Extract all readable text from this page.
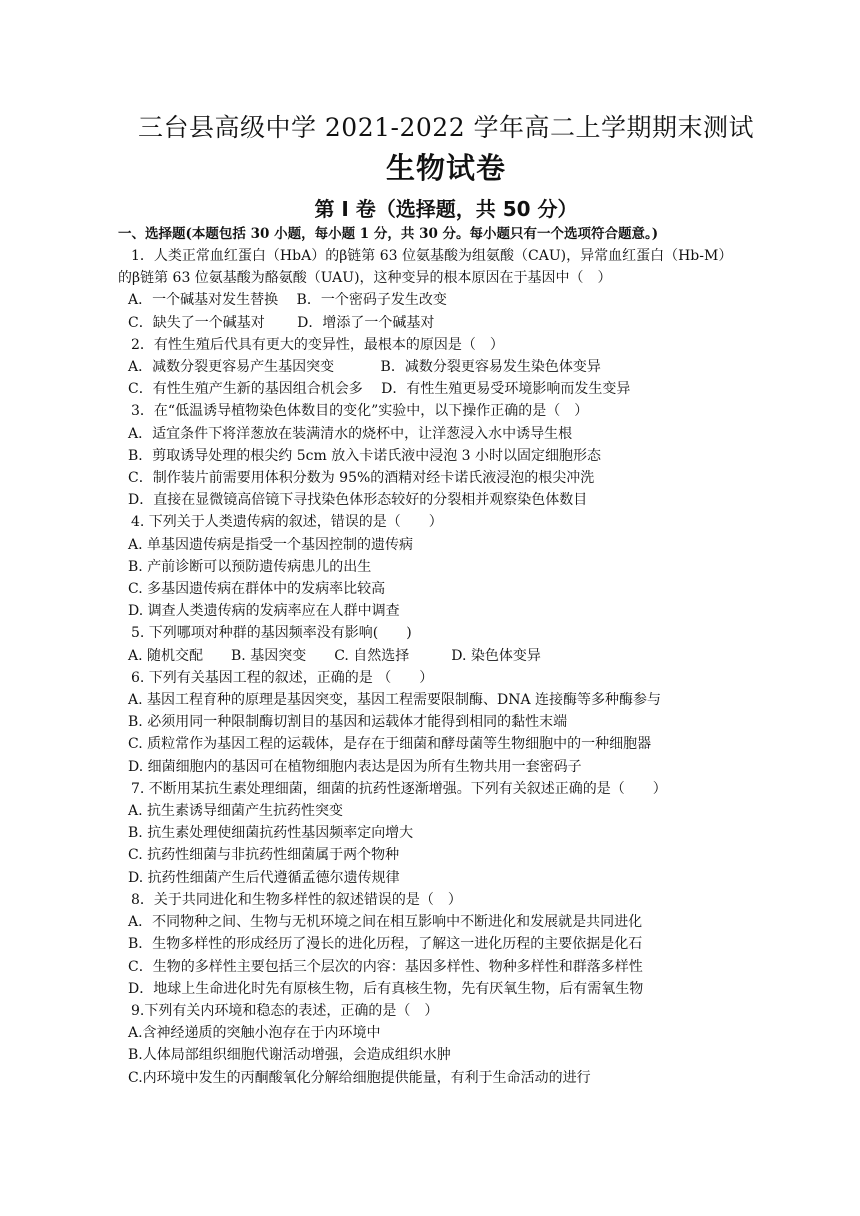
三台县高级中学 2021-2022 学年高二上学期期末测试
生物试卷
第 I 卷（选择题，共 50 分）
一、选择题(本题包括 30 小题，每小题 1 分，共 30 分。每小题只有一个选项符合题意。)
1．人类正常血红蛋白（HbA）的β链第 63 位氨基酸为组氨酸（CAU)，异常血红蛋白（Hb-M）
的β链第 63 位氨基酸为酪氨酸（UAU)，这种变异的根本原因在于基因中（　）
A．一个碱基对发生替换　 B．一个密码子发生改变
C．缺失了一个碱基对　　 D．增添了一个碱基对
2．有性生殖后代具有更大的变异性，最根本的原因是（　）
A．减数分裂更容易产生基因突变　　　 B．减数分裂更容易发生染色体变异
C．有性生殖产生新的基因组合机会多　 D．有性生殖更易受环境影响而发生变异
3．在“低温诱导植物染色体数目的变化”实验中，以下操作正确的是（　）
A．适宜条件下将洋葱放在装满清水的烧杯中，让洋葱浸入水中诱导生根
B．剪取诱导处理的根尖约 5cm 放入卡诺氏液中浸泡 3 小时以固定细胞形态
C．制作装片前需要用体积分数为 95%的酒精对经卡诺氏液浸泡的根尖冲洗
D．直接在显微镜高倍镜下寻找染色体形态较好的分裂相并观察染色体数目
4. 下列关于人类遗传病的叙述，错误的是（　　）
A. 单基因遗传病是指受一个基因控制的遗传病
B. 产前诊断可以预防遗传病患儿的出生
C. 多基因遗传病在群体中的发病率比较高
D. 调查人类遗传病的发病率应在人群中调查
5. 下列哪项对种群的基因频率没有影响(　　)
A. 随机交配　　B. 基因突变　　C. 自然选择　　　D. 染色体变异
6. 下列有关基因工程的叙述，正确的是 （　　）
A. 基因工程育种的原理是基因突变，基因工程需要限制酶、DNA 连接酶等多种酶参与
B. 必须用同一种限制酶切割目的基因和运载体才能得到相同的黏性末端
C. 质粒常作为基因工程的运载体，是存在于细菌和酵母菌等生物细胞中的一种细胞器
D. 细菌细胞内的基因可在植物细胞内表达是因为所有生物共用一套密码子
7. 不断用某抗生素处理细菌，细菌的抗药性逐渐增强。下列有关叙述正确的是（　　）
A. 抗生素诱导细菌产生抗药性突变
B. 抗生素处理使细菌抗药性基因频率定向增大
C. 抗药性细菌与非抗药性细菌属于两个物种
D. 抗药性细菌产生后代遵循孟德尔遗传规律
8．关于共同进化和生物多样性的叙述错误的是（　）
A．不同物种之间、生物与无机环境之间在相互影响中不断进化和发展就是共同进化
B．生物多样性的形成经历了漫长的进化历程，了解这一进化历程的主要依据是化石
C．生物的多样性主要包括三个层次的内容：基因多样性、物种多样性和群落多样性
D．地球上生命进化时先有原核生物，后有真核生物，先有厌氧生物，后有需氧生物
9.下列有关内环境和稳态的表述，正确的是（　）
A.含神经递质的突触小泡存在于内环境中
B.人体局部组织细胞代谢活动增强，会造成组织水肿
C.内环境中发生的丙酮酸氧化分解给细胞提供能量，有利于生命活动的进行
